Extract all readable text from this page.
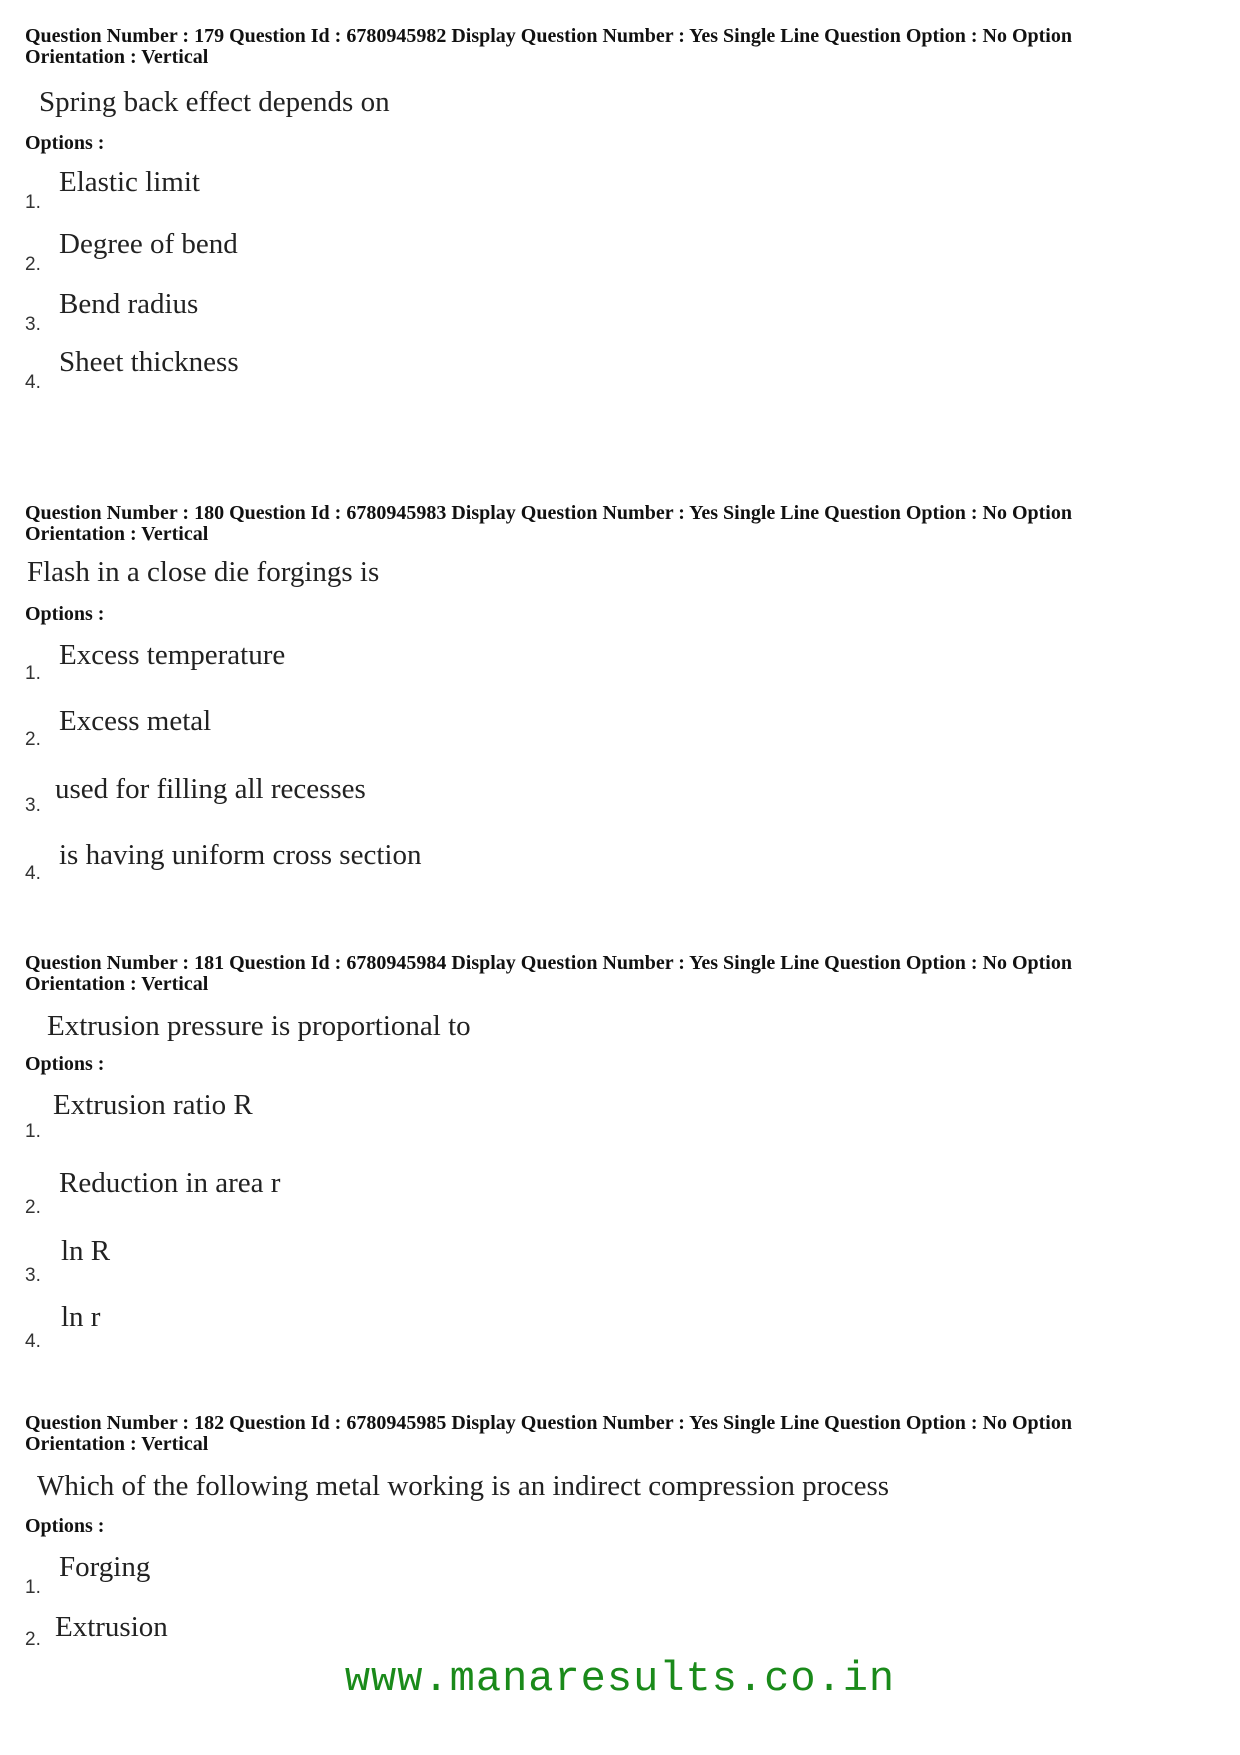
Question Number : 179 Question Id : 6780945982 Display Question Number : Yes Single Line Question Option : No Option

Orientation : Vertical

Spring back effect depends on
Options :
1.
Elastic limit
2.
Degree of bend
3.
Bend radius
4.
Sheet thickness

Question Number : 180 Question Id : 6780945983 Display Question Number : Yes Single Line Question Option : No Option

Orientation : Vertical

Flash in a close die forgings is
Options :
1.
Excess temperature
2.
Excess metal
3.
used for filling all recesses
4.
is having uniform cross section

Question Number : 181 Question Id : 6780945984 Display Question Number : Yes Single Line Question Option : No Option

Orientation : Vertical

Extrusion pressure is proportional to
Options :
1.
Extrusion ratio R
2.
Reduction in area r
3.
ln R
4.
ln r

Question Number : 182 Question Id : 6780945985 Display Question Number : Yes Single Line Question Option : No Option

Orientation : Vertical

Which of the following metal working is an indirect compression process
Options :
1.
Forging
2. Extrusion
www.manaresults.co.in
